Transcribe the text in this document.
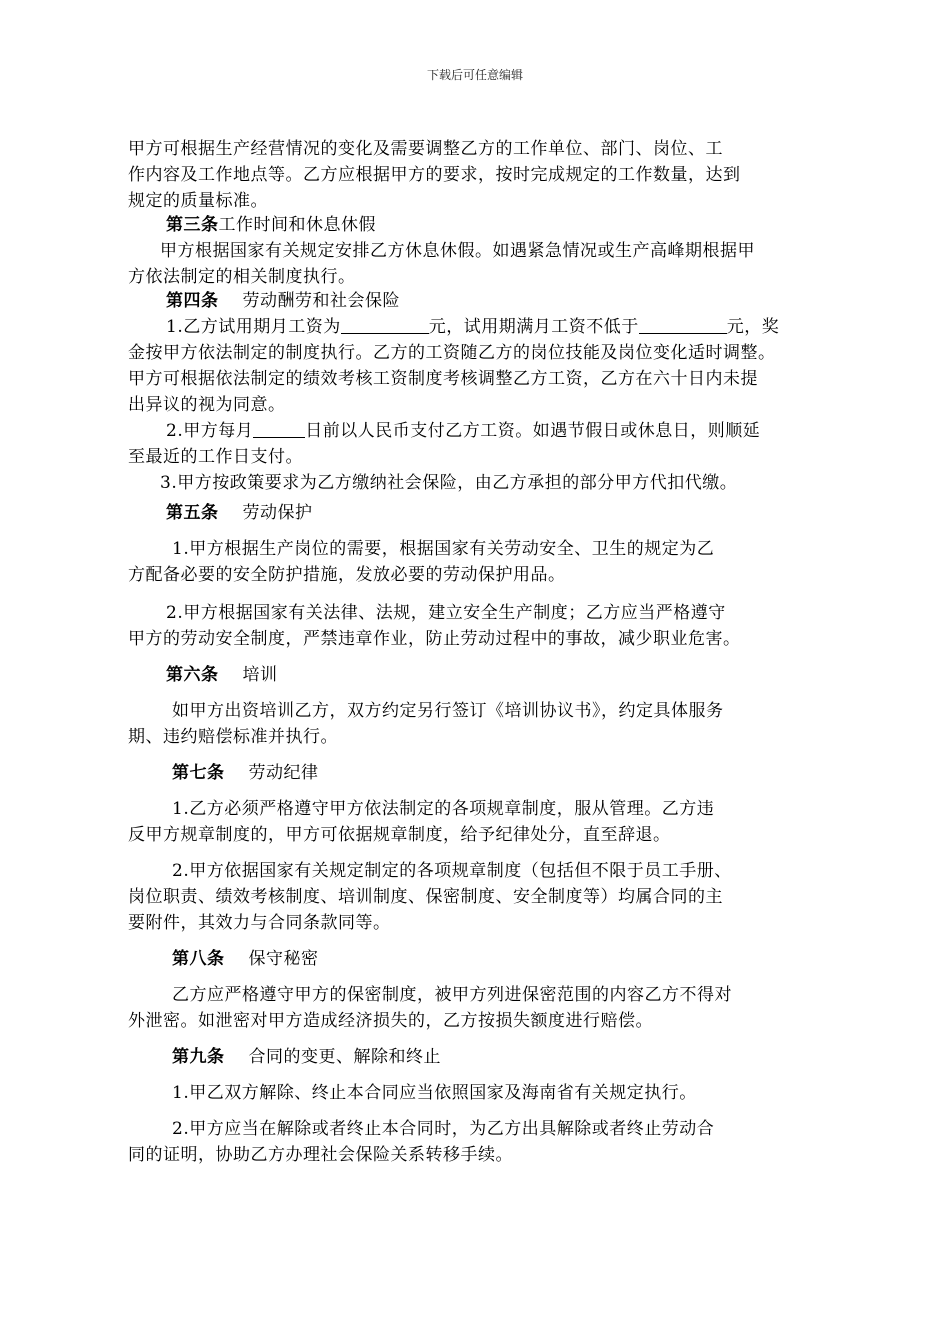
下载后可任意编辑
甲方可根据生产经营情况的变化及需要调整乙方的工作单位、部门、岗位、工
作内容及工作地点等。乙方应根据甲方的要求，按时完成规定的工作数量，达到
规定的质量标准。
第三条工作时间和休息休假
甲方根据国家有关规定安排乙方休息休假。如遇紧急情况或生产高峰期根据甲
方依法制定的相关制度执行。
第四条 劳动酬劳和社会保险
1.乙方试用期月工资为	元，试用期满月工资不低于	元，奖
金按甲方依法制定的制度执行。乙方的工资随乙方的岗位技能及岗位变化适时调整。
甲方可根据依法制定的绩效考核工资制度考核调整乙方工资，乙方在六十日内未提
出异议的视为同意。
2.甲方每月	日前以人民币支付乙方工资。如遇节假日或休息日，则顺延
至最近的工作日支付。
3.甲方按政策要求为乙方缴纳社会保险，由乙方承担的部分甲方代扣代缴。
第五条 劳动保护
1.甲方根据生产岗位的需要，根据国家有关劳动安全、卫生的规定为乙
方配备必要的安全防护措施，发放必要的劳动保护用品。
2.甲方根据国家有关法律、法规，建立安全生产制度；乙方应当严格遵守
甲方的劳动安全制度，严禁违章作业，防止劳动过程中的事故，减少职业危害。
第六条 培训
如甲方出资培训乙方，双方约定另行签订《培训协议书》，约定具体服务
期、违约赔偿标准并执行。
第七条 劳动纪律
1.乙方必须严格遵守甲方依法制定的各项规章制度，服从管理。乙方违
反甲方规章制度的，甲方可依据规章制度，给予纪律处分，直至辞退。
2.甲方依据国家有关规定制定的各项规章制度（包括但不限于员工手册、
岗位职责、绩效考核制度、培训制度、保密制度、安全制度等）均属合同的主
要附件，其效力与合同条款同等。
第八条 保守秘密
乙方应严格遵守甲方的保密制度，被甲方列进保密范围的内容乙方不得对
外泄密。如泄密对甲方造成经济损失的，乙方按损失额度进行赔偿。
第九条 合同的变更、解除和终止
1.甲乙双方解除、终止本合同应当依照国家及海南省有关规定执行。
2.甲方应当在解除或者终止本合同时，为乙方出具解除或者终止劳动合
同的证明，协助乙方办理社会保险关系转移手续。
